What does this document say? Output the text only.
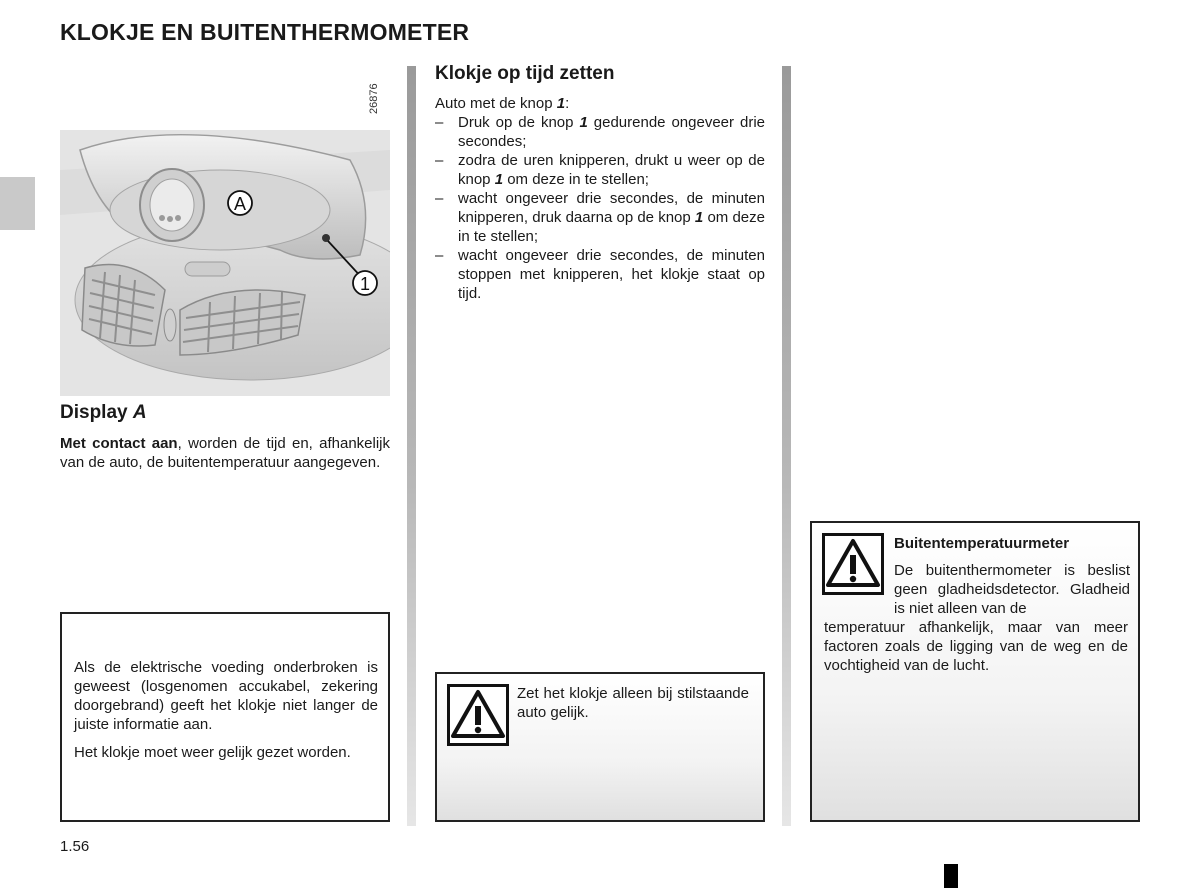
KLOKJE EN BUITENTHERMOMETER
26876
A
1
Display A
Met contact aan, worden de tijd en, afhankelijk van de auto, de buitentemperatuur aangegeven.

Als de elektrische voeding onderbroken is geweest (losgenomen accukabel, zekering doorgebrand) geeft het klokje niet langer de juiste informatie aan.

Het klokje moet weer gelijk gezet worden.

Klokje op tijd zetten

Auto met de knop 1:

– Druk op de knop 1 gedurende ongeveer drie secondes;
– zodra de uren knipperen, drukt u weer op de knop 1 om deze in te stellen;
– wacht ongeveer drie secondes, de minuten knipperen, druk daarna op de knop 1 om deze in te stellen;
– wacht ongeveer drie secondes, de minuten stoppen met knipperen, het klokje staat op tijd.
Zet het klokje alleen bij stilstaande auto gelijk.
Buitentemperatuurmeter
De buitenthermometer is beslist geen gladheidsdetector. Gladheid is niet alleen van de
temperatuur afhankelijk, maar van meer factoren zoals de ligging van de weg en de vochtigheid van de lucht.
1.56
